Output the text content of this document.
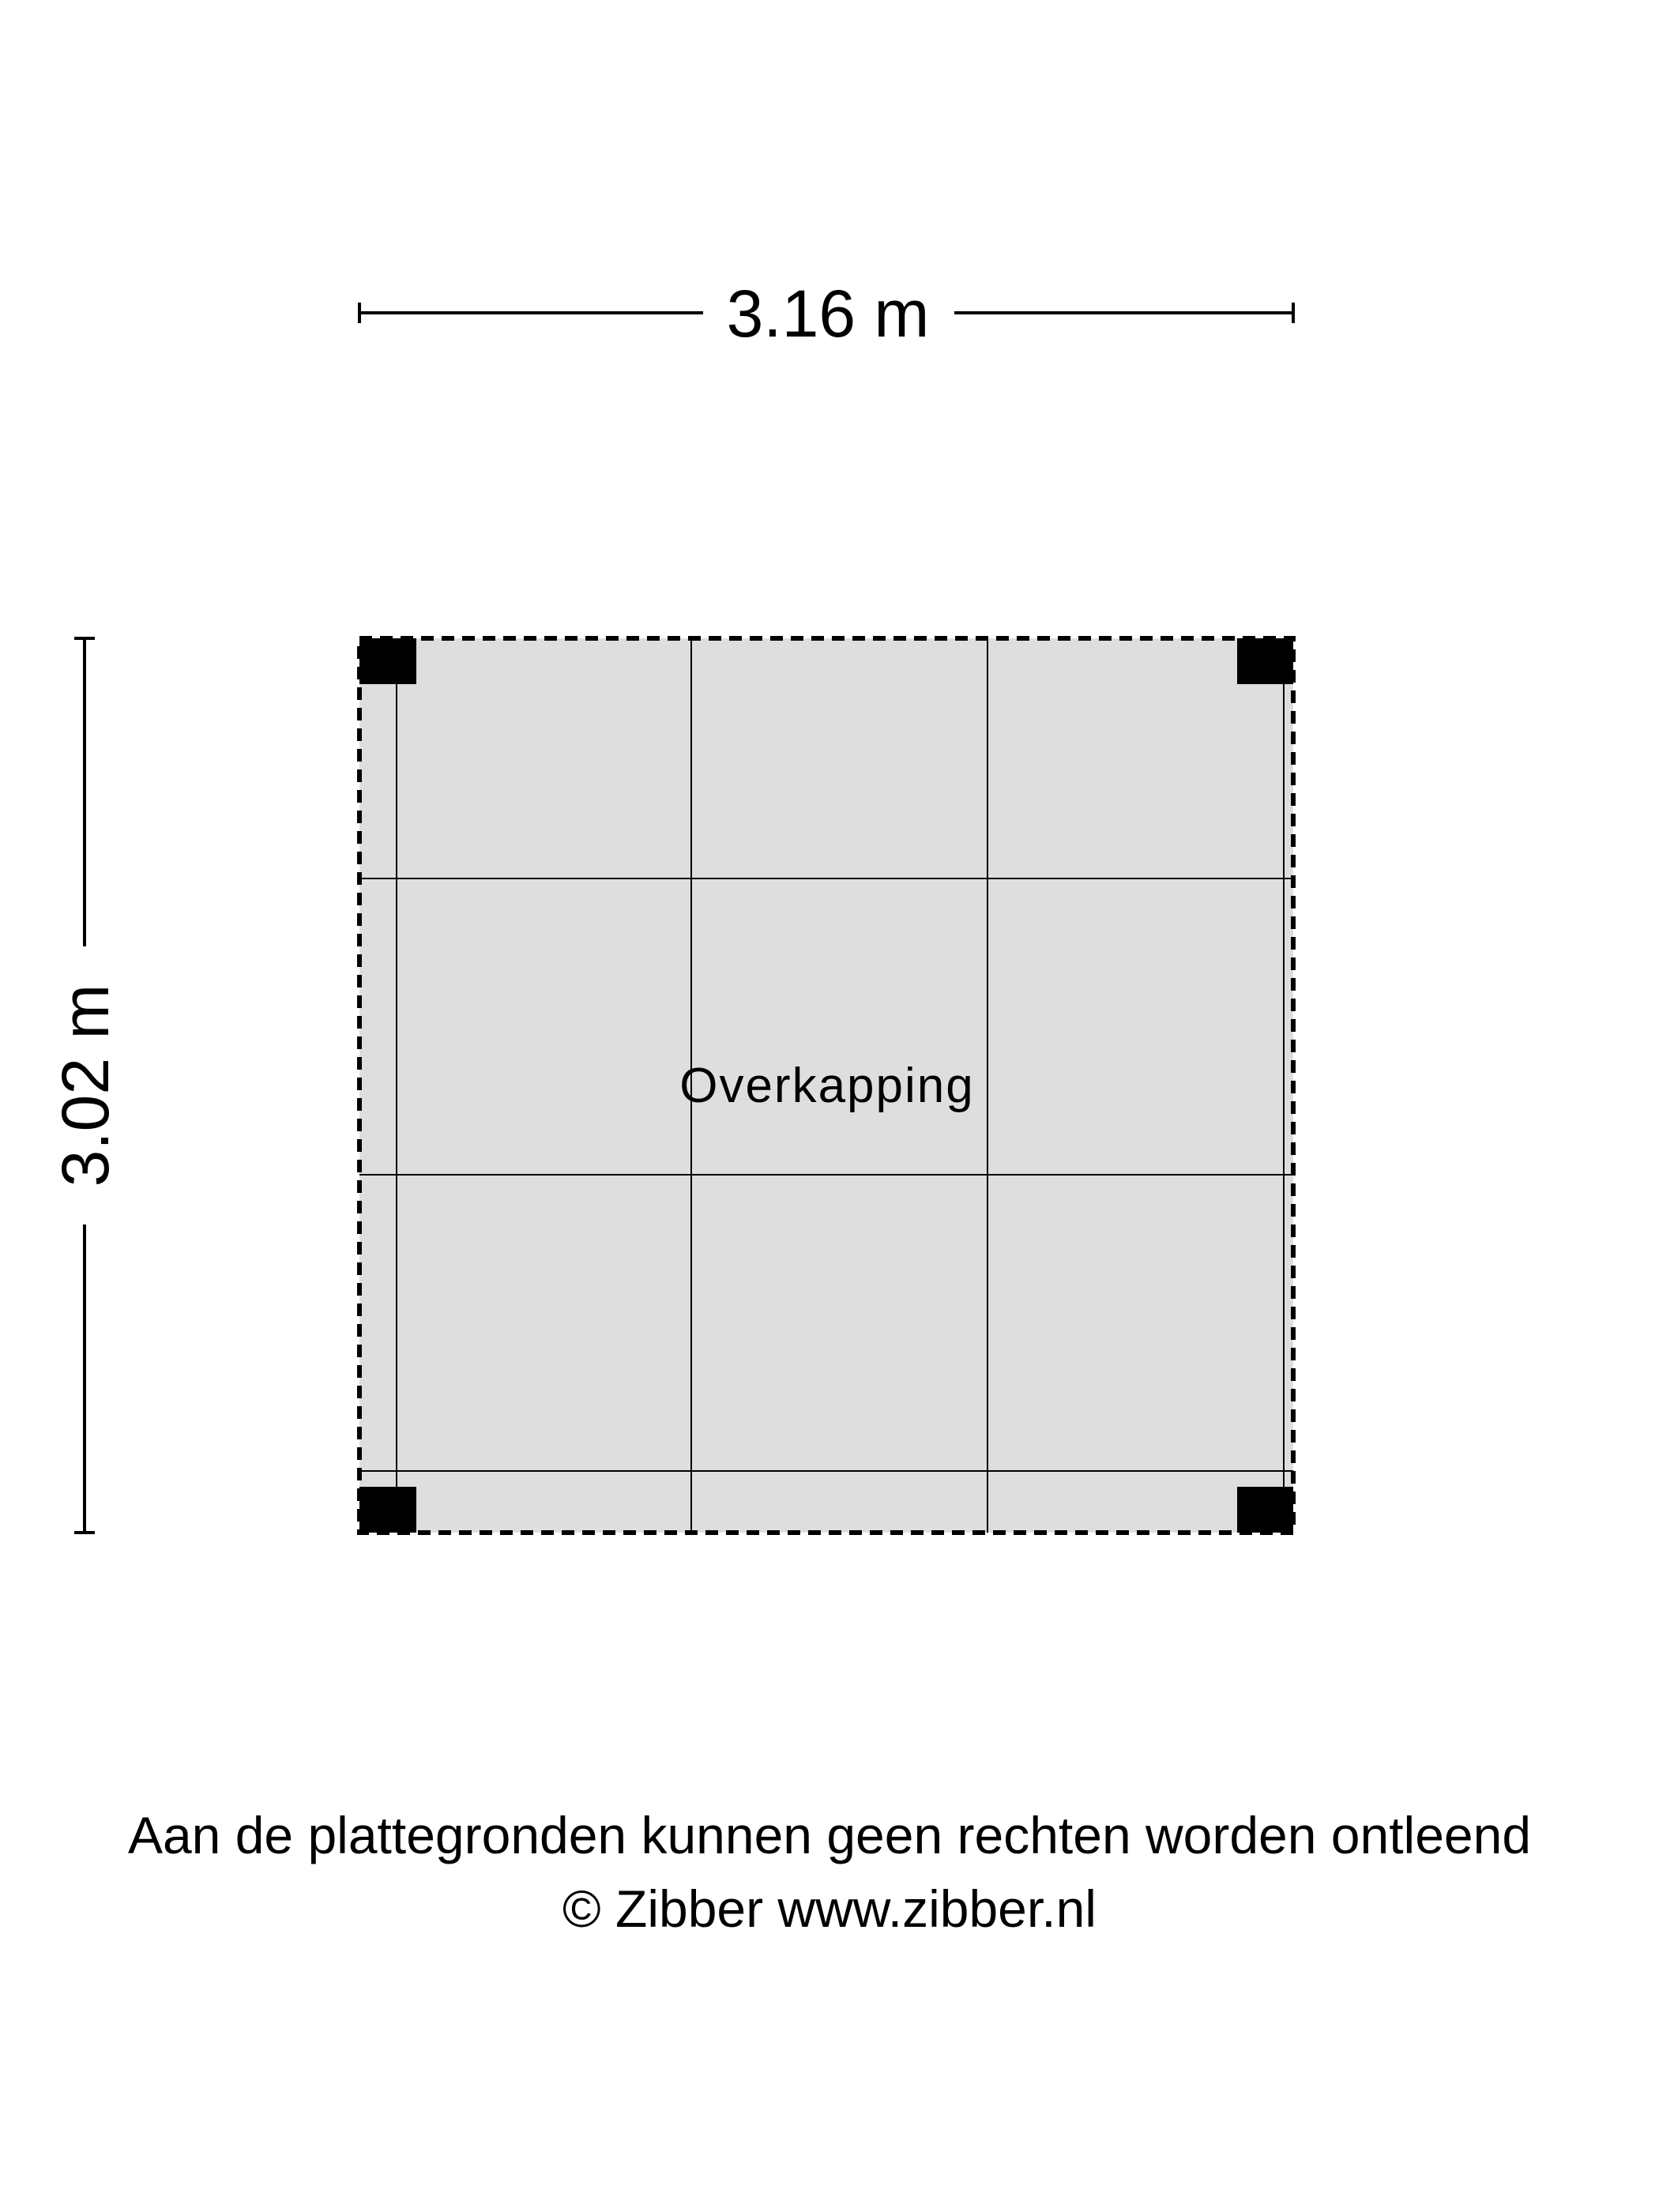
3.16 m
3.02 m	Overkapping
Aan de plattegronden kunnen geen rechten worden ontleend
© Zibber www.zibber.nl
